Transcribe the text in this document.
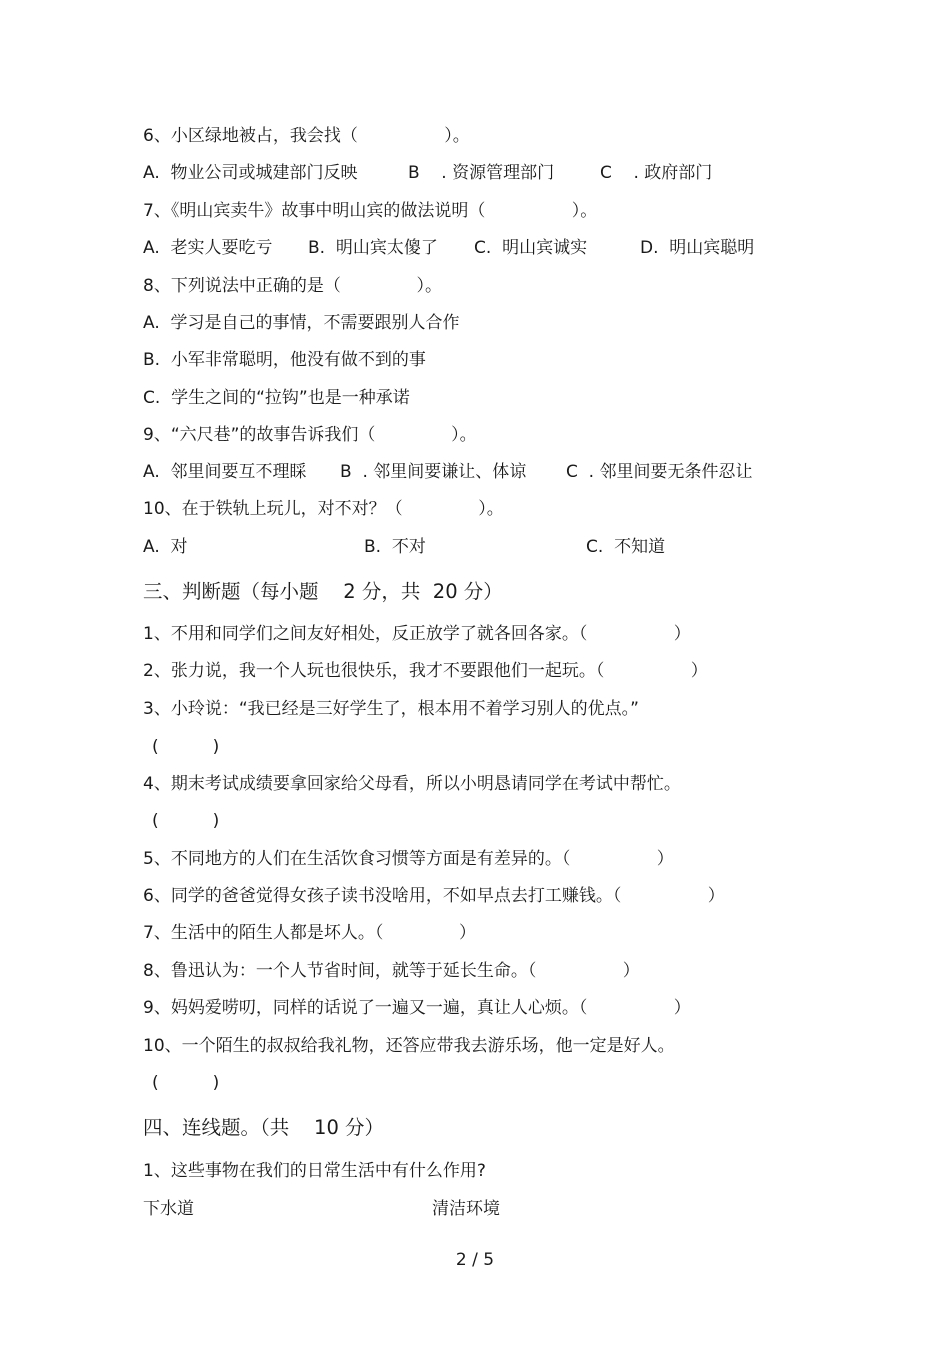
6、小区绿地被占，我会找（                ）。
A.  物业公司或城建部门反映	B    . 资源管理部门	C    . 政府部门
7、《明山宾卖牛》故事中明山宾的做法说明（                ）。
A.  老实人要吃亏 B.  明山宾太傻了 C.  明山宾诚实	D.  明山宾聪明
8、下列说法中正确的是（              ）。
A.  学习是自己的事情，不需要跟别人合作
B.  小军非常聪明，他没有做不到的事
C.  学生之间的“拉钩”也是一种承诺
9、“六尺巷”的故事告诉我们（              ）。
A.  邻里间要互不理睬 B  . 邻里间要谦让、体谅 C  . 邻里间要无条件忍让
10、在于铁轨上玩儿，对不对？（              ）。
A.  对	B.  不对	C.  不知道
三、判断题（每小题    2 分，共  20 分）
1、不用和同学们之间友好相处，反正放学了就各回各家。（                ）
2、张力说，我一个人玩也很快乐，我才不要跟他们一起玩。（                ）
3、小玲说：“我已经是三好学生了，根本用不着学习别人的优点。”
(          )
4、期末考试成绩要拿回家给父母看，所以小明恳请同学在考试中帮忙。
(          )
5、不同地方的人们在生活饮食习惯等方面是有差异的。（                ）
6、同学的爸爸觉得女孩子读书没啥用，不如早点去打工赚钱。（                ）
7、生活中的陌生人都是坏人。（              ）
8、鲁迅认为：一个人节省时间，就等于延长生命。（                ）
9、妈妈爱唠叨，同样的话说了一遍又一遍，真让人心烦。（                ）
10、一个陌生的叔叔给我礼物，还答应带我去游乐场，他一定是好人。
(          )
四、连线题。（共    10 分）
1、这些事物在我们的日常生活中有什么作用?
下水道	清洁环境
2 / 5
